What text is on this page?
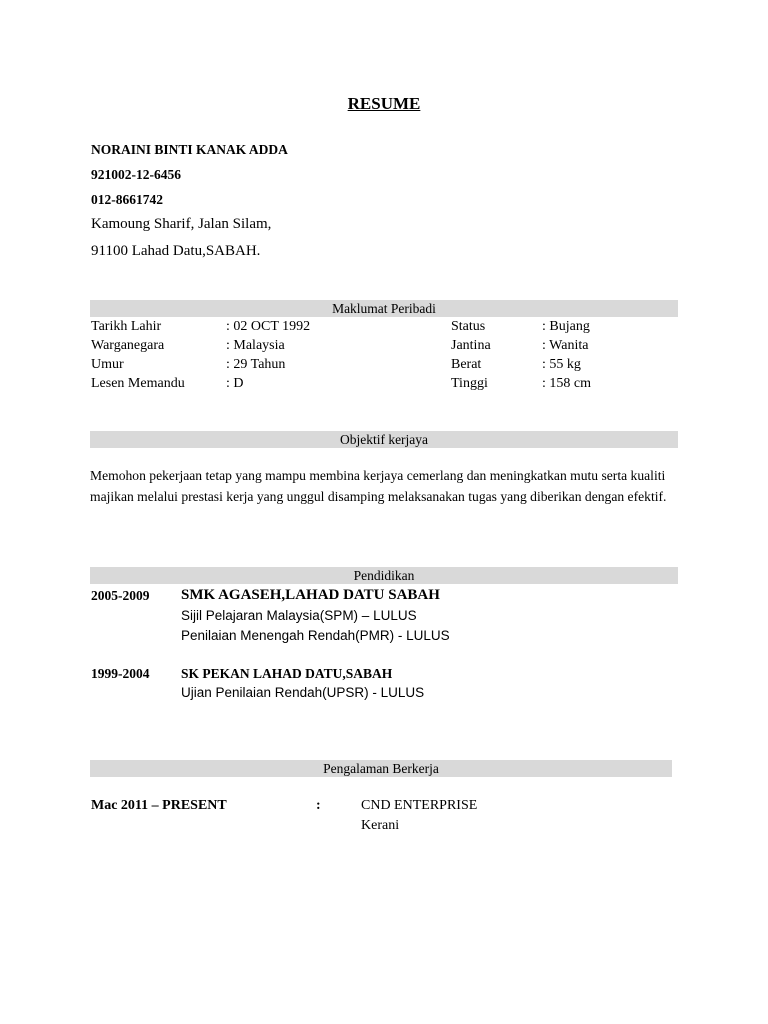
RESUME
NORAINI BINTI KANAK ADDA
921002-12-6456
012-8661742
Kamoung Sharif, Jalan Silam,
91100 Lahad Datu,SABAH.
Maklumat Peribadi
Tarikh Lahir	: 02 OCT 1992	Status	: Bujang
Warganegara	: Malaysia	Jantina	: Wanita
Umur	: 29 Tahun	Berat	: 55 kg
Lesen Memandu	: D	Tinggi	: 158 cm
Objektif kerjaya
Memohon pekerjaan tetap yang mampu membina kerjaya cemerlang dan meningkatkan mutu serta kualiti majikan melalui prestasi kerja yang unggul disamping melaksanakan tugas yang diberikan dengan efektif.
Pendidikan
2005-2009 SMK AGASEH,LAHAD DATU SABAH
Sijil Pelajaran Malaysia(SPM) – LULUS
Penilaian Menengah Rendah(PMR) - LULUS
1999-2004 SK PEKAN LAHAD DATU,SABAH
Ujian Penilaian Rendah(UPSR) - LULUS
Pengalaman Berkerja
Mac 2011 – PRESENT	:	CND ENTERPRISE
Kerani
